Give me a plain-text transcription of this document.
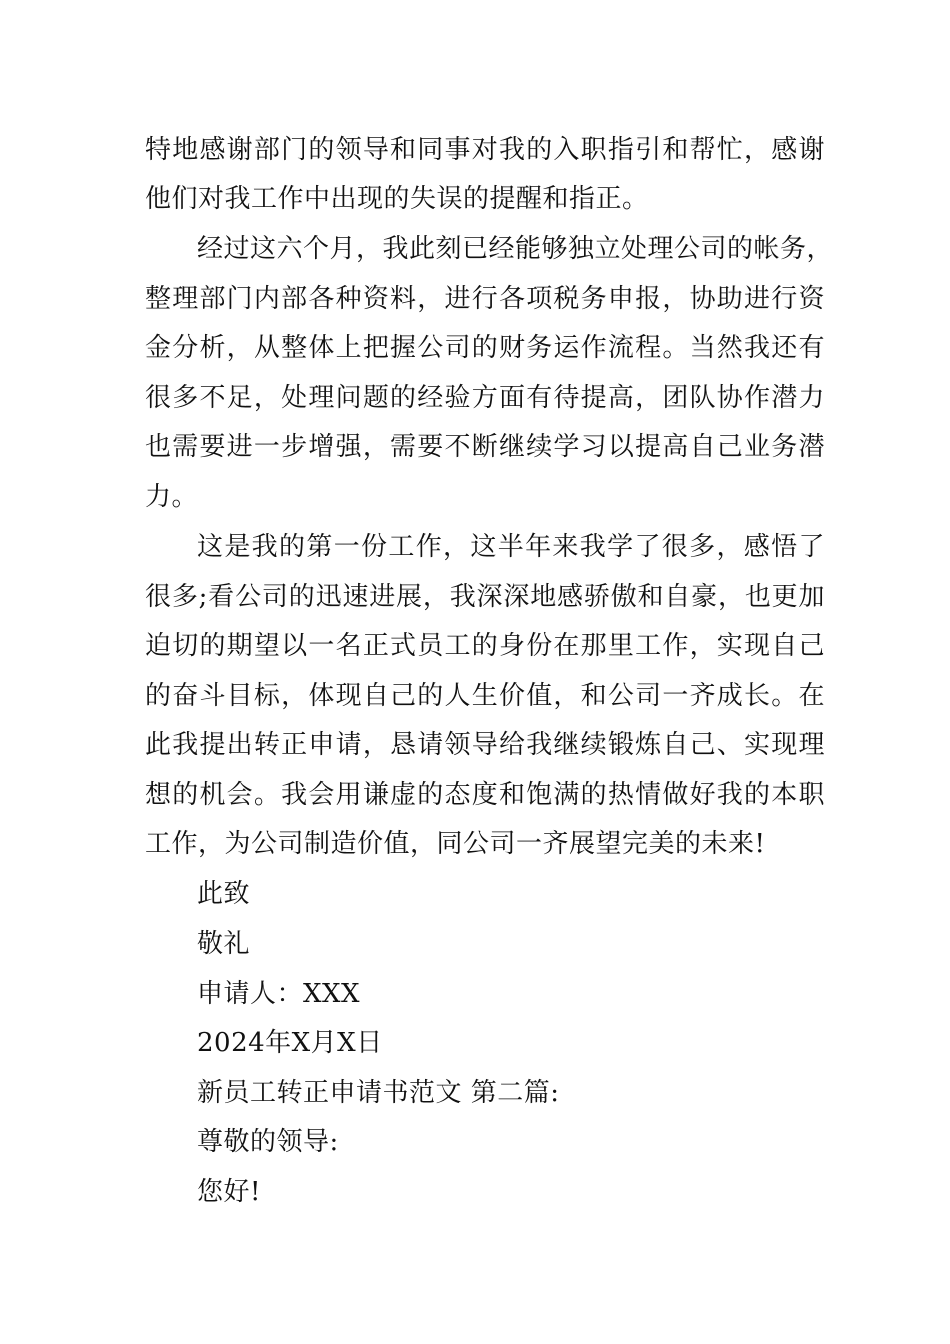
特地感谢部门的领导和同事对我的入职指引和帮忙，感谢
他们对我工作中出现的失误的提醒和指正。
经过这六个月，我此刻已经能够独立处理公司的帐务，
整理部门内部各种资料，进行各项税务申报，协助进行资
金分析，从整体上把握公司的财务运作流程。当然我还有
很多不足，处理问题的经验方面有待提高，团队协作潜力
也需要进一步增强，需要不断继续学习以提高自己业务潜
力。
这是我的第一份工作，这半年来我学了很多，感悟了
很多;看公司的迅速进展，我深深地感骄傲和自豪，也更加
迫切的期望以一名正式员工的身份在那里工作，实现自己
的奋斗目标，体现自己的人生价值，和公司一齐成长。在
此我提出转正申请，恳请领导给我继续锻炼自己、实现理
想的机会。我会用谦虚的态度和饱满的热情做好我的本职
工作，为公司制造价值，同公司一齐展望完美的未来!
此致
敬礼
申请人：XXX
2024年X月X日
新员工转正申请书范文 第二篇:
尊敬的领导:
您好!
